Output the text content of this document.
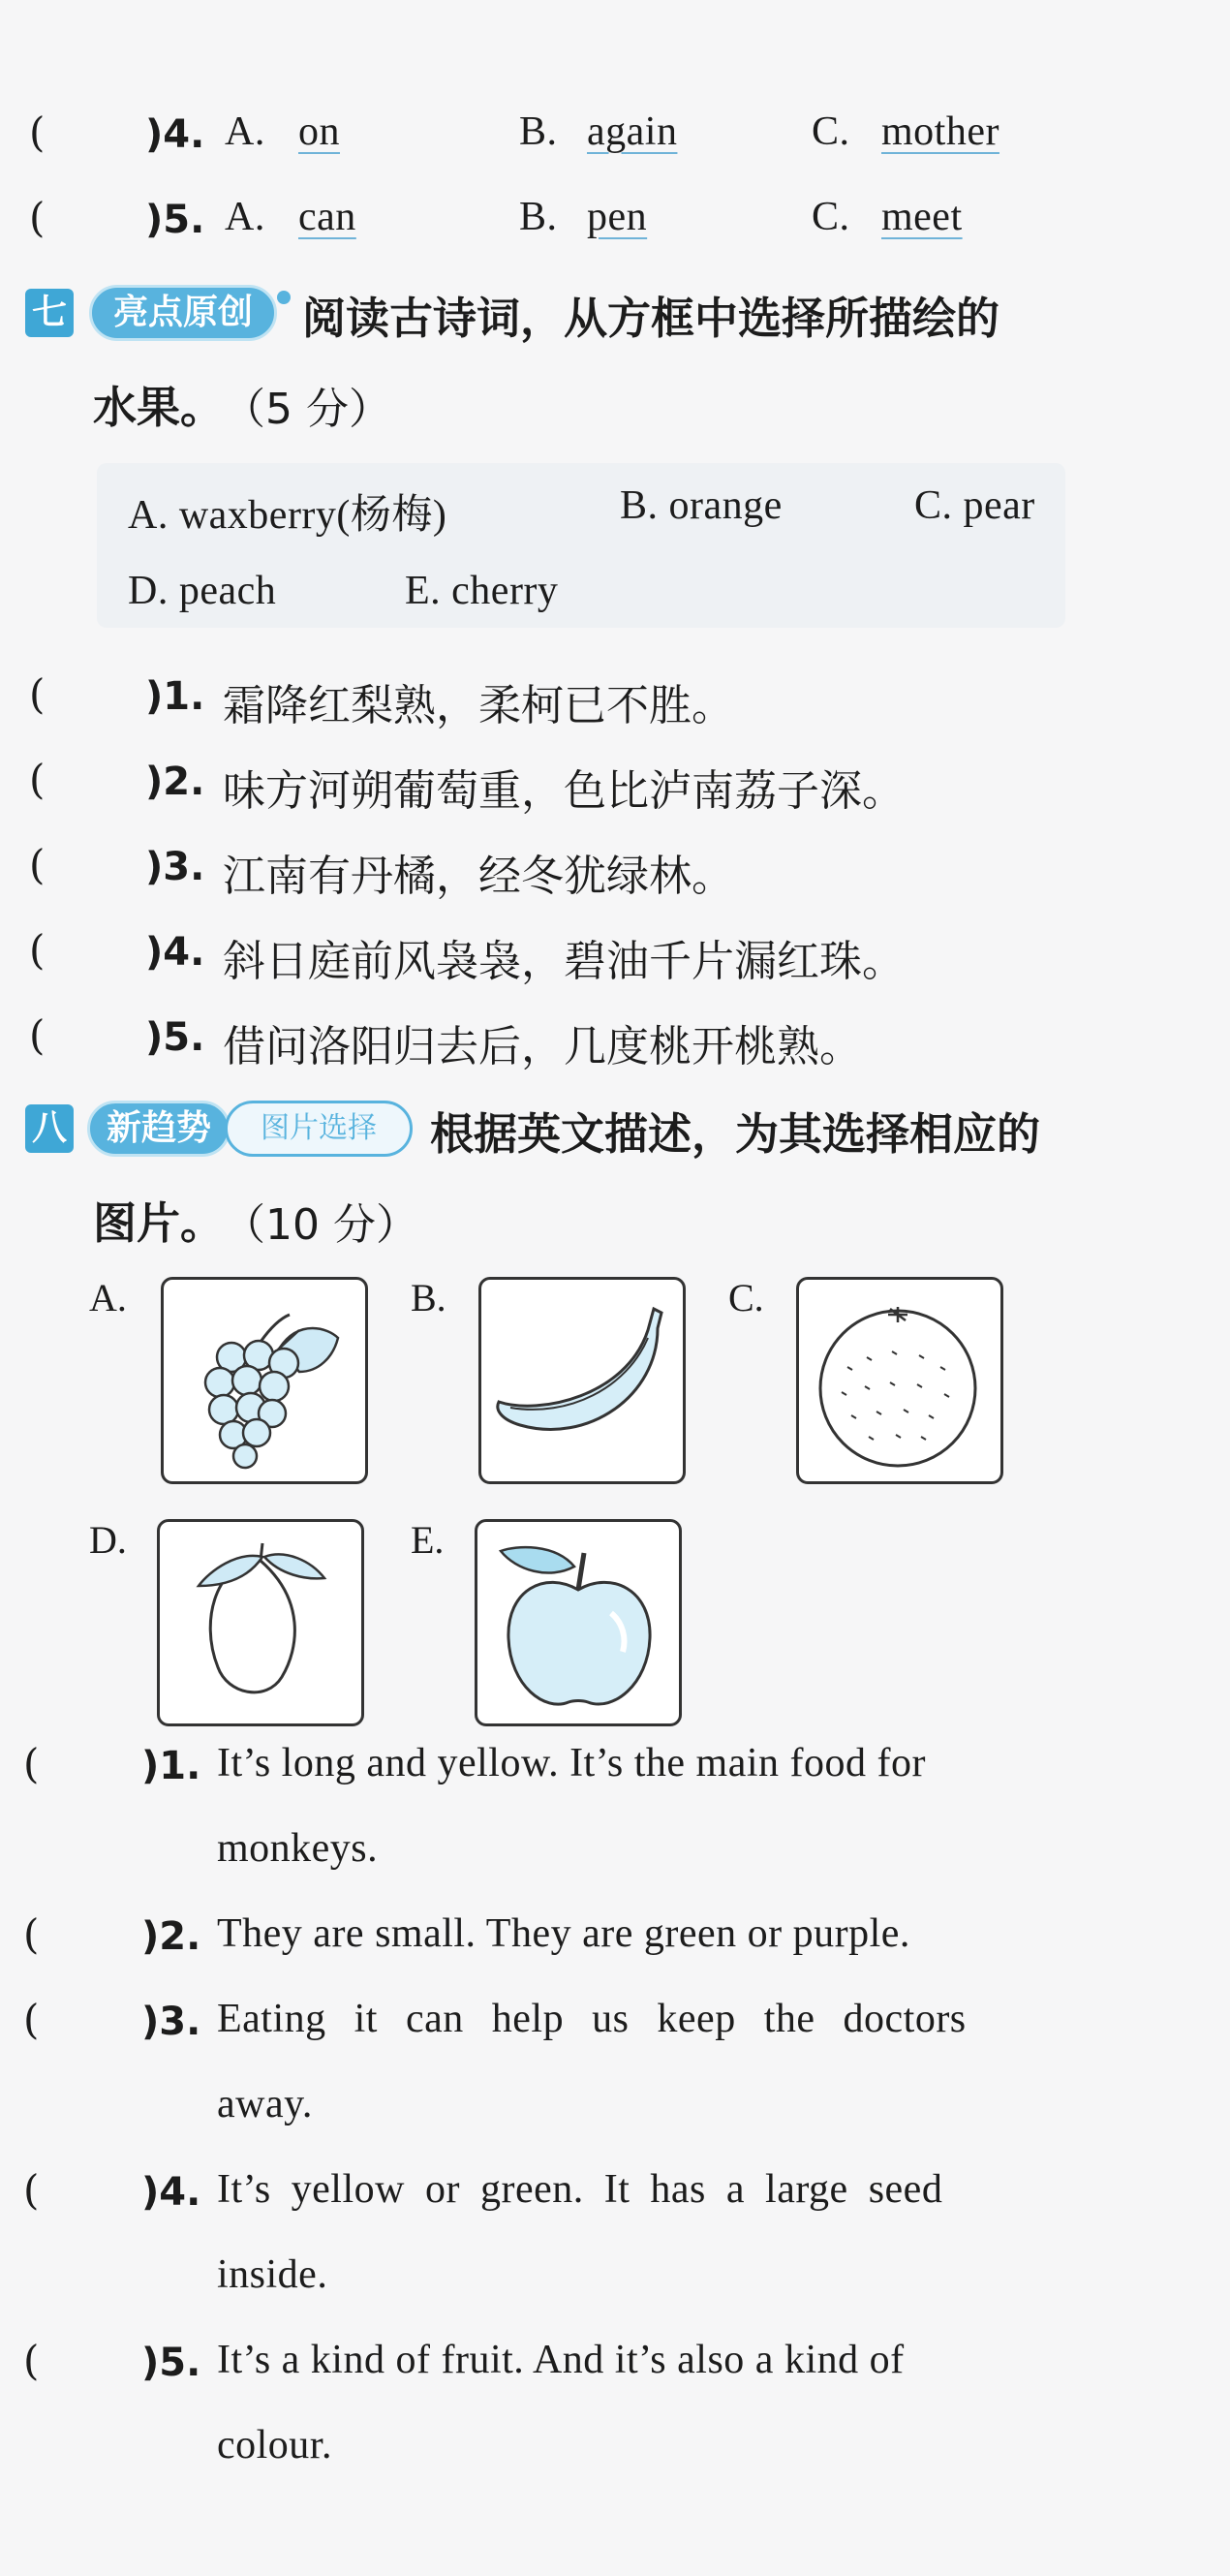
(	)4. A. on	B. again	C. mother
(	)5. A. can	B. pen	C. meet
七	亮点原创	阅读古诗词，从方框中选择所描绘的
水果。
（5 分）
A. waxberry(杨梅)	B. orange	C. pear
D. peach	E. cherry
(	)1. 霜降红梨熟，柔柯已不胜。
(	)2. 味方河朔葡萄重，色比泸南荔子深。
(	)3. 江南有丹橘，经冬犹绿林。
(	)4. 斜日庭前风袅袅，碧油千片漏红珠。
(	)5. 借问洛阳归去后，几度桃开桃熟。
八	新趋势	图片选择	根据英文描述，为其选择相应的
图片。
（10 分）
A.	B.	C.
D.	E.
(	)1. It’s long and yellow. It’s the main food for
monkeys.
(	)2. They are small. They are green or purple.
(	)3. Eating it can help us keep the doctors
away.
(	)4. It’s yellow or green. It has a large seed
inside.
(	)5. It’s a kind of fruit. And it’s also a kind of
colour.
